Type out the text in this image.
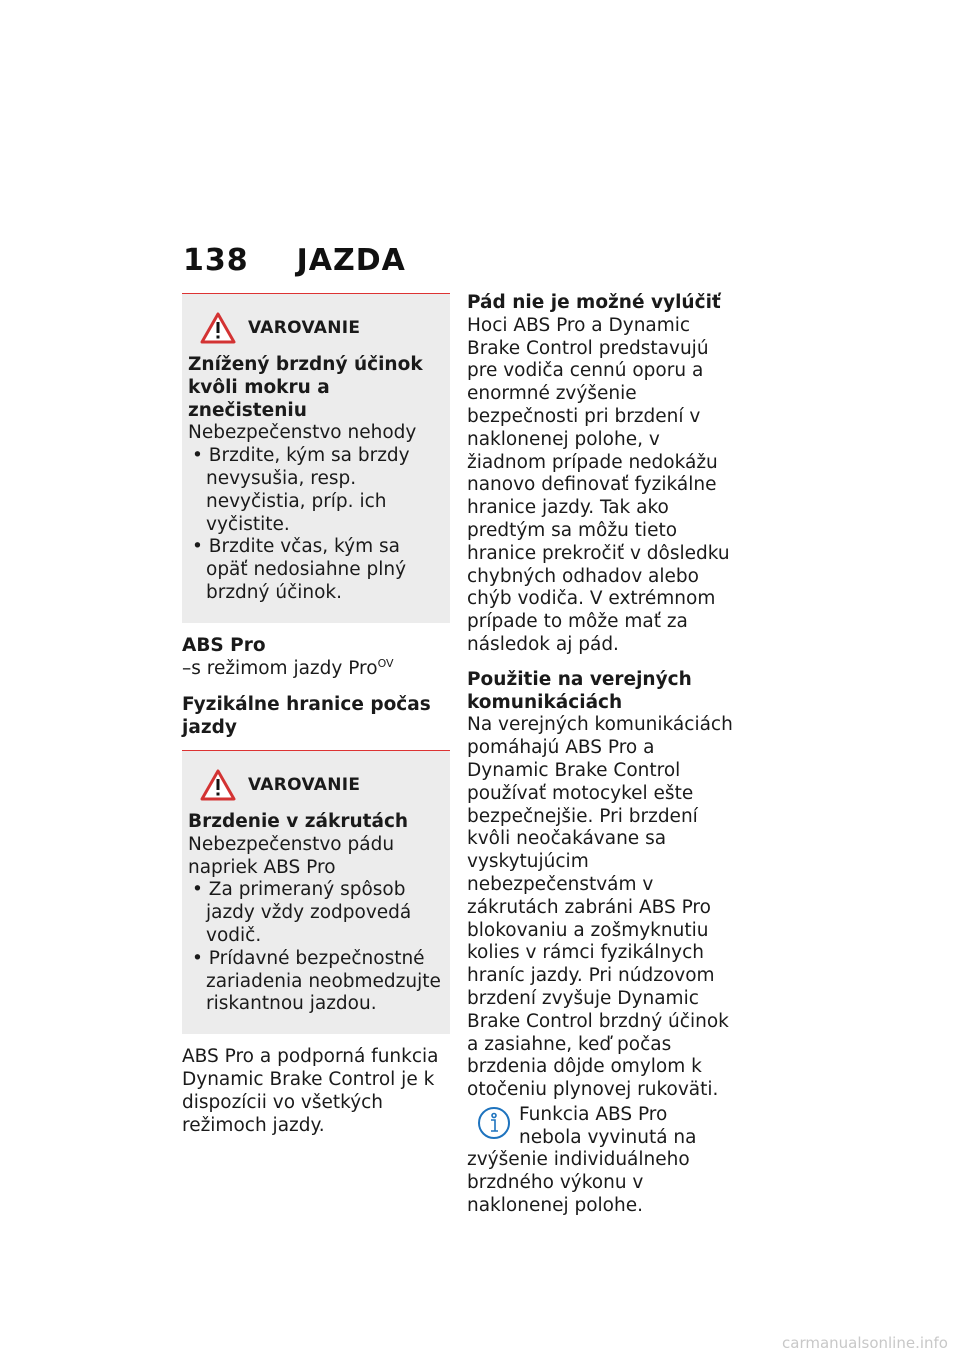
138 JAZDA
VAROVANIE

Znížený brzdný účinok kvôli mokru a znečisteniu

Nebezpečenstvo nehody

• Brzdite, kým sa brzdy nevysušia, resp. nevyčistia, príp. ich vyčistite.
• Brzdite včas, kým sa opäť nedosiahne plný brzdný účinok.

ABS Pro

–s režimom jazdy Pro$^{OV}$

Fyzikálne hranice počas jazdy

VAROVANIE

Brzdenie v zákrutách

Nebezpečenstvo pádu napriek ABS Pro

• Za primeraný spôsob jazdy vždy zodpovedá vodič.
• Prídavné bezpečnostné zariadenia neobmedzujte riskantnou jazdou.

ABS Pro a podporná funkcia Dynamic Brake Control je k dispozícii vo všetkých režimoch jazdy.

Pád nie je možné vylúčiť

Hoci ABS Pro a Dynamic Brake Control predstavujú pre vodiča cennú oporu a enormné zvýšenie bezpečnosti pri brzdení v naklonenej polohe, v žiadnom prípade nedokážu nanovo definovať fyzikálne hranice jazdy. Tak ako predtým sa môžu tieto hranice prekročiť v dôsledku chybných odhadov alebo chýb vodiča. V extrémnom prípade to môže mať za následok aj pád.

Použitie na verejných komunikáciách

Na verejných komunikáciách pomáhajú ABS Pro a Dynamic Brake Control používať motocykel ešte bezpečnejšie. Pri brzdení kvôli neočakávane sa vyskytujúcim nebezpečenstvám v zákrutách zabráni ABS Pro blokovaniu a zošmyknutiu kolies v rámci fyzikálnych hraníc jazdy. Pri núdzovom brzdení zvyšuje Dynamic Brake Control brzdný účinok a zasiahne, keď počas brzdenia dôjde omylom k otočeniu plynovej rukoväti.

Funkcia ABS Pro nebola vyvinutá na zvýšenie individuálneho brzdného výkonu v naklonenej polohe.

carmanualsonline.info
